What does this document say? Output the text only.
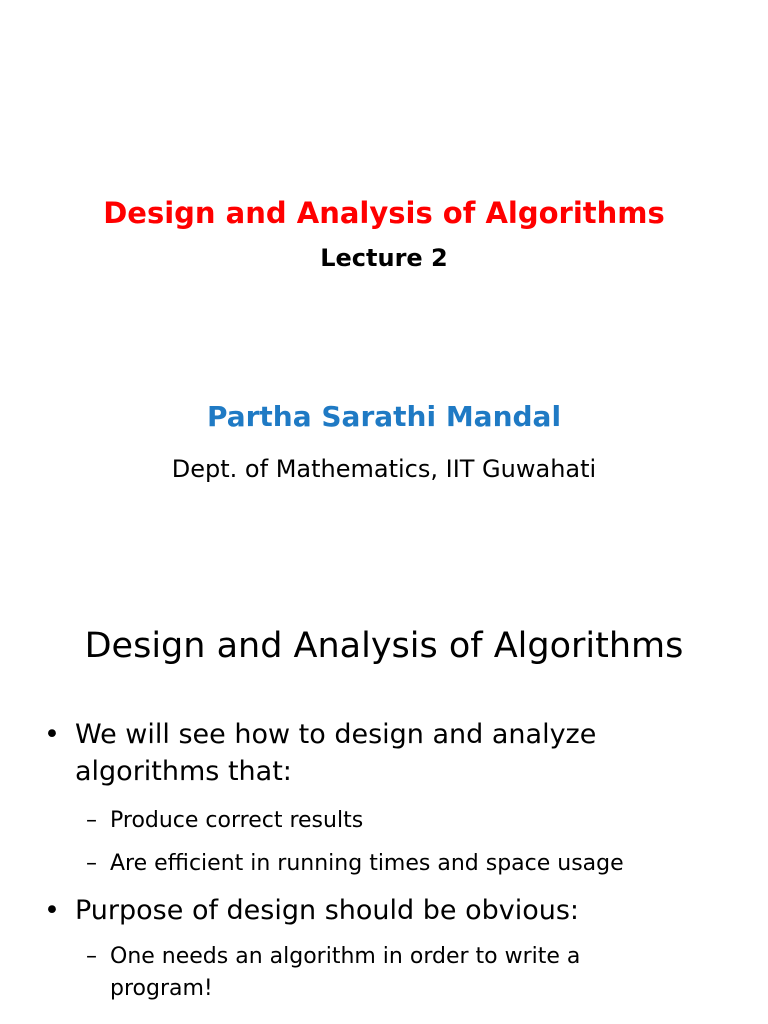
Design and Analysis of Algorithms
Lecture 2
Partha Sarathi Mandal
Dept. of Mathematics, IIT Guwahati
Design and Analysis of Algorithms
• We will see how to design and analyze algorithms that:
– Produce correct results
– Are efficient in running times and space usage
• Purpose of design should be obvious:
– One needs an algorithm in order to write a program!
